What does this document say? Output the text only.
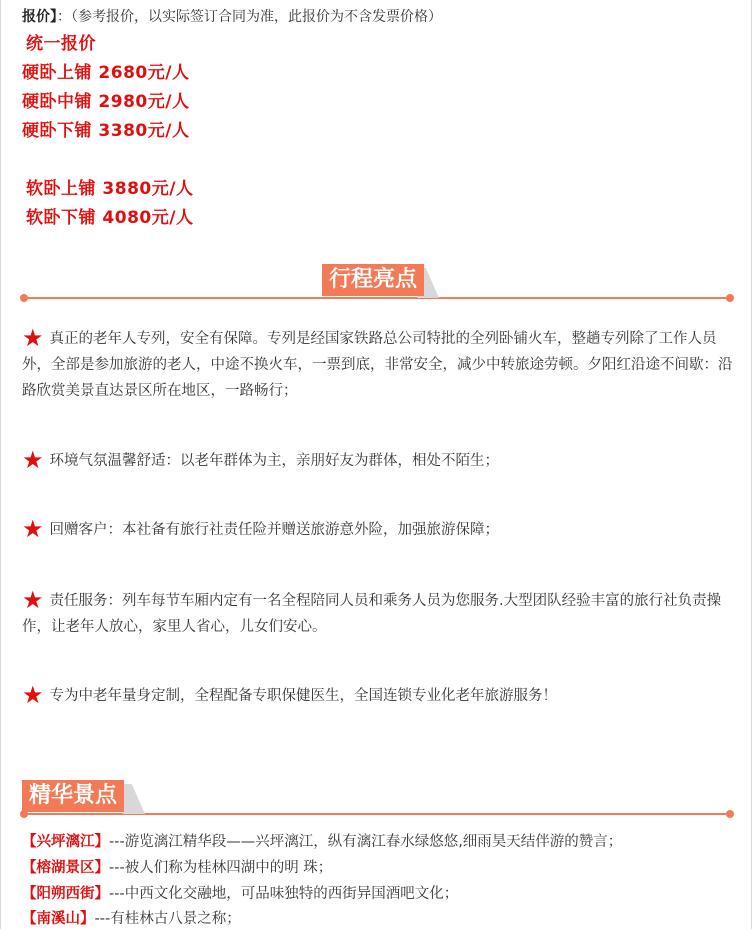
报价】：（参考报价，以实际签订合同为准，此报价为不含发票价格）
统一报价
硬卧上铺 2680元/人
硬卧中铺 2980元/人
硬卧下铺 3380元/人
软卧上铺 3880元/人
软卧下铺 4080元/人
行程亮点
★ 真正的老年人专列，安全有保障。专列是经国家铁路总公司特批的全列卧铺火车，整趟专列除了工作人员外，全部是参加旅游的老人，中途不换火车，一票到底，非常安全，减少中转旅途劳顿。夕阳红沿途不间歇：沿路欣赏美景直达景区所在地区，一路畅行；
★ 环境气氛温馨舒适：以老年群体为主，亲朋好友为群体，相处不陌生；
★ 回赠客户：本社备有旅行社责任险并赠送旅游意外险，加强旅游保障；
★ 责任服务：列车每节车厢内定有一名全程陪同人员和乘务人员为您服务.大型团队经验丰富的旅行社负责操作，让老年人放心，家里人省心，儿女们安心。
★ 专为中老年量身定制，全程配备专职保健医生，全国连锁专业化老年旅游服务！
精华景点
【兴坪漓江】---游览漓江精华段——兴坪漓江，纵有漓江春水绿悠悠,细雨昊天结伴游的赞言；
【榕湖景区】---被人们称为桂林四湖中的明 珠；
【阳朔西街】---中西文化交融地，可品味独特的西街异国酒吧文化；
【南溪山】---有桂林古八景之称；
